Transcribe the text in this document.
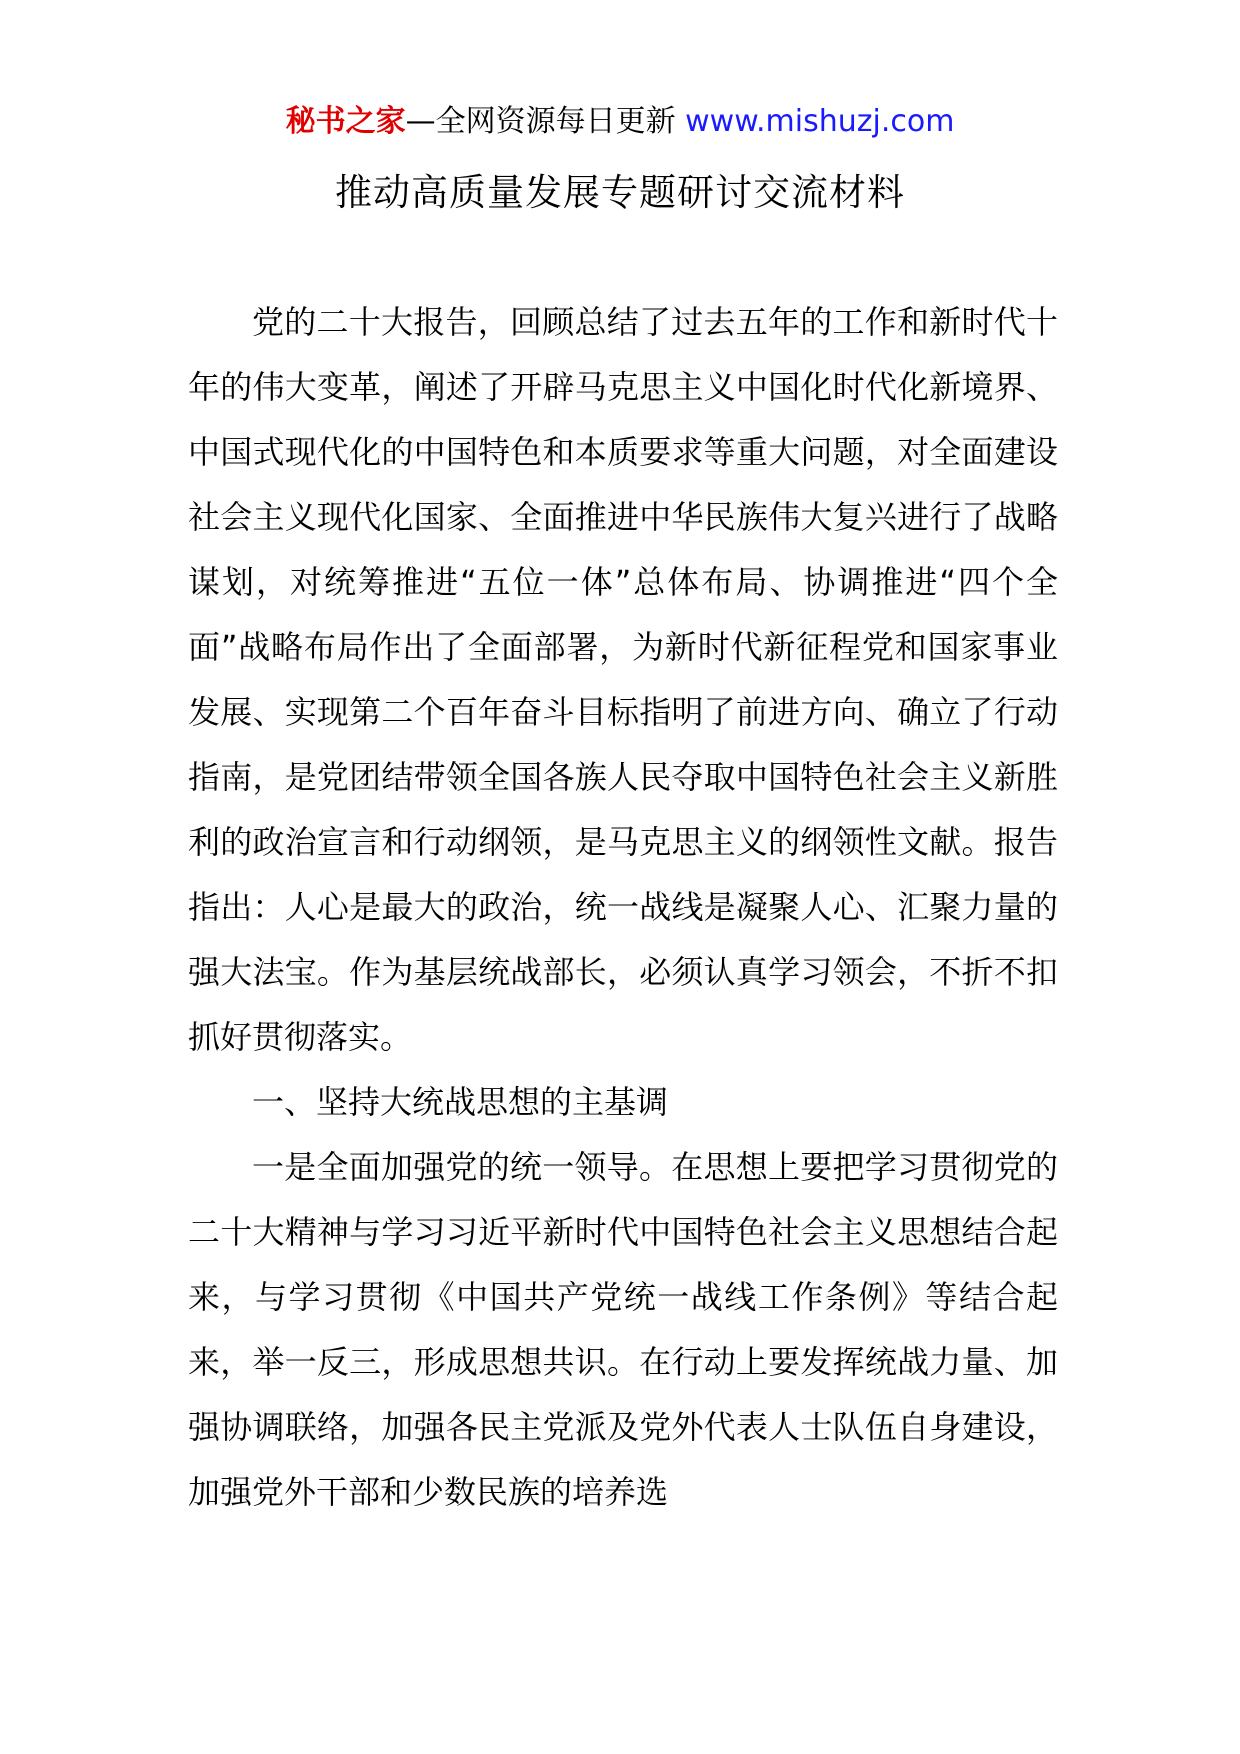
秘书之家—全网资源每日更新 www.mishuzj.com
推动高质量发展专题研讨交流材料

党的二十大报告，回顾总结了过去五年的工作和新时代十年的伟大变革，阐述了开辟马克思主义中国化时代化新境界、中国式现代化的中国特色和本质要求等重大问题，对全面建设社会主义现代化国家、全面推进中华民族伟大复兴进行了战略谋划，对统筹推进“五位一体”总体布局、协调推进“四个全面”战略布局作出了全面部署，为新时代新征程党和国家事业发展、实现第二个百年奋斗目标指明了前进方向、确立了行动指南，是党团结带领全国各族人民夺取中国特色社会主义新胜利的政治宣言和行动纲领，是马克思主义的纲领性文献。报告指出：人心是最大的政治，统一战线是凝聚人心、汇聚力量的强大法宝。作为基层统战部长，必须认真学习领会，不折不扣抓好贯彻落实。

一、坚持大统战思想的主基调

一是全面加强党的统一领导。在思想上要把学习贯彻党的二十大精神与学习习近平新时代中国特色社会主义思想结合起来，与学习贯彻《中国共产党统一战线工作条例》等结合起来，举一反三，形成思想共识。在行动上要发挥统战力量、加强协调联络，加强各民主党派及党外代表人士队伍自身建设，加强党外干部和少数民族的培养选
